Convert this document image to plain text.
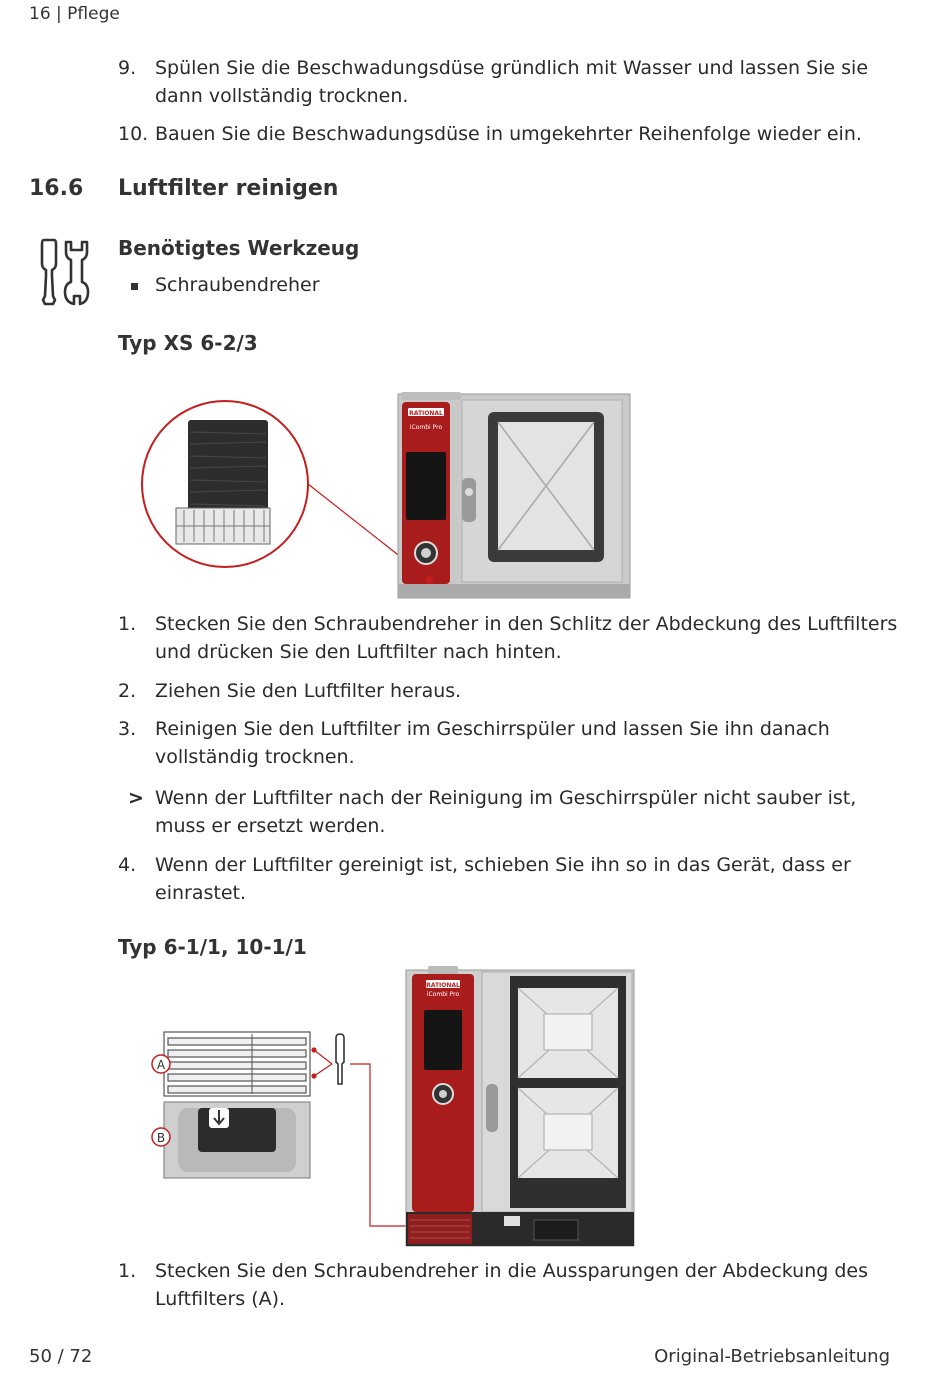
16 | Pflege
9. Spülen Sie die Beschwadungsdüse gründlich mit Wasser und lassen Sie sie
dann vollständig trocknen.
10. Bauen Sie die Beschwadungsdüse in umgekehrter Reihenfolge wieder ein.
16.6 Luftfilter reinigen
Benötigtes Werkzeug
Schraubendreher
Typ XS 6-2/3
RATIONAL
iCombi Pro
1. Stecken Sie den Schraubendreher in den Schlitz der Abdeckung des Luftfilters
und drücken Sie den Luftfilter nach hinten.
2. Ziehen Sie den Luftfilter heraus.
3. Reinigen Sie den Luftfilter im Geschirrspüler und lassen Sie ihn danach
vollständig trocknen.
> Wenn der Luftfilter nach der Reinigung im Geschirrspüler nicht sauber ist,
muss er ersetzt werden.
4. Wenn der Luftfilter gereinigt ist, schieben Sie ihn so in das Gerät, dass er
einrastet.
Typ 6-1/1, 10-1/1
A
B
RATIONAL
iCombi Pro
1. Stecken Sie den Schraubendreher in die Aussparungen der Abdeckung des
Luftfilters (A).
50 / 72	Original-Betriebsanleitung
